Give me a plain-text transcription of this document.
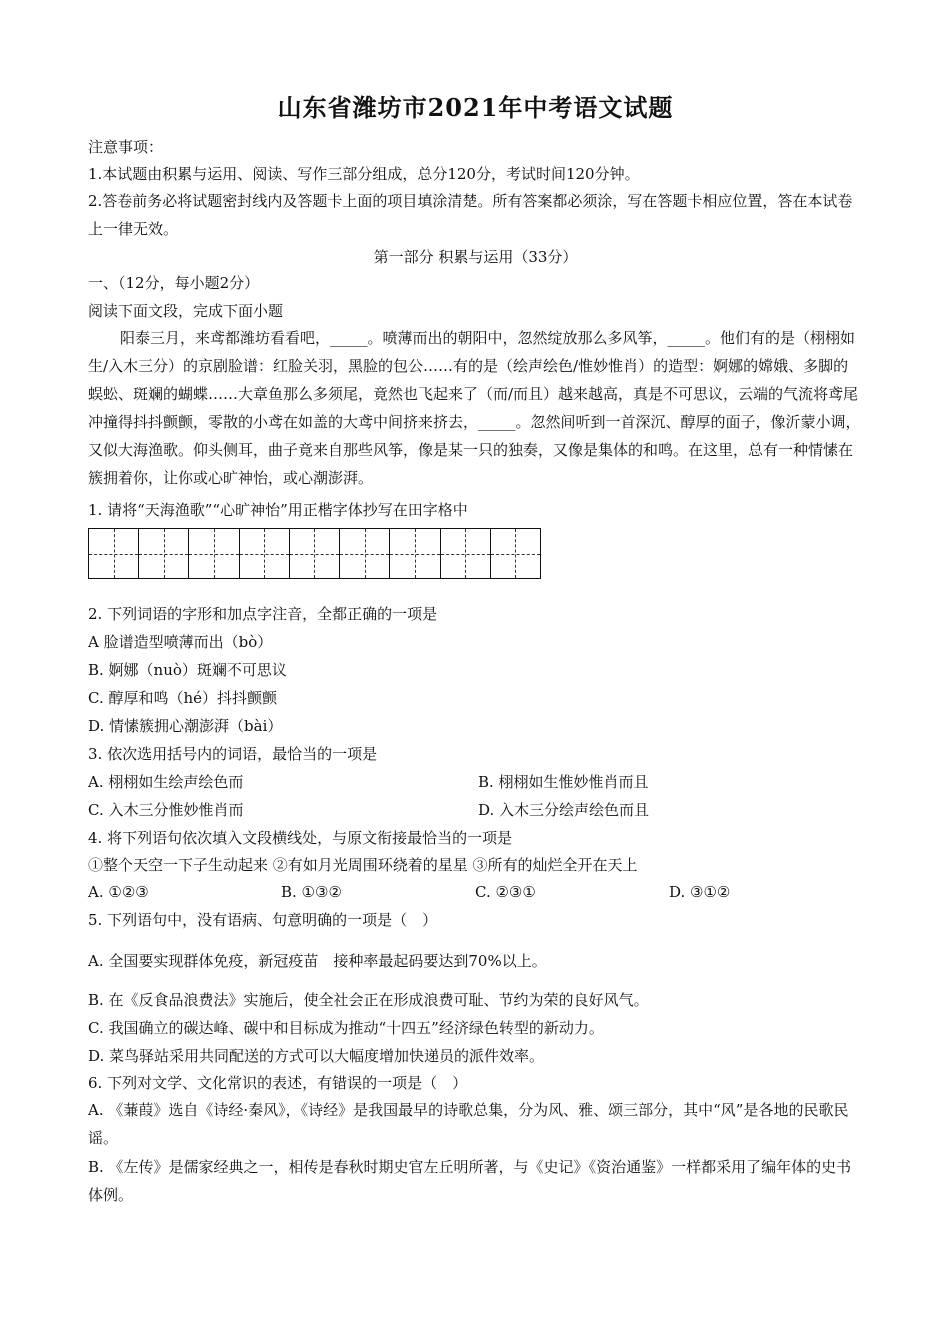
山东省潍坊市2021年中考语文试题
注意事项：
1.本试题由积累与运用、阅读、写作三部分组成，总分120分，考试时间120分钟。
2.答卷前务必将试题密封线内及答题卡上面的项目填涂清楚。所有答案都必须涂，写在答题卡相应位置，答在本试卷上一律无效。
第一部分 积累与运用（33分）
一、（12分，每小题2分）
阅读下面文段，完成下面小题
阳泰三月，来鸢都潍坊看看吧，_____。喷薄而出的朝阳中，忽然绽放那么多风筝，_____。他们有的是（栩栩如生/入木三分）的京剧脸谱：红脸关羽，黑脸的包公……有的是（绘声绘色/惟妙惟肖）的造型：婀娜的嫦娥、多脚的蜈蚣、斑斓的蝴蝶……大章鱼那么多须尾，竟然也飞起来了（而/而且）越来越高，真是不可思议，云端的气流将鸢尾冲撞得抖抖颤颤，零散的小鸢在如盖的大鸢中间挤来挤去，_____。忽然间听到一首深沉、醇厚的面子，像沂蒙小调，又似大海渔歌。仰头侧耳，曲子竟来自那些风筝，像是某一只的独奏，又像是集体的和鸣。在这里，总有一种情愫在簇拥着你，让你或心旷神怡，或心潮澎湃。
1. 请将“天海渔歌”“心旷神怡”用正楷字体抄写在田字格中
2. 下列词语的字形和加点字注音，全都正确的一项是
A 脸谱造型喷薄而出（bò）
B. 婀娜（nuò）斑斓不可思议
C. 醇厚和鸣（hé）抖抖颤颤
D. 情愫簇拥心潮澎湃（bài）
3. 依次选用括号内的词语，最恰当的一项是
A. 栩栩如生绘声绘色而	B. 栩栩如生惟妙惟肖而且
C. 入木三分惟妙惟肖而	D. 入木三分绘声绘色而且
4. 将下列语句依次填入文段横线处，与原文衔接最恰当的一项是
①整个天空一下子生动起来 ②有如月光周围环绕着的星星 ③所有的灿烂全开在天上
A. ①②③	B. ①③②	C. ②③①	D. ③①②
5. 下列语句中，没有语病、句意明确的一项是（　）
A. 全国要实现群体免疫，新冠疫苗　接种率最起码要达到70%以上。
B. 在《反食品浪费法》实施后，使全社会正在形成浪费可耻、节约为荣的良好风气。
C. 我国确立的碳达峰、碳中和目标成为推动“十四五”经济绿色转型的新动力。
D. 菜鸟驿站采用共同配送的方式可以大幅度增加快递员的派件效率。
6. 下列对文学、文化常识的表述，有错误的一项是（　）
A. 《蒹葭》选自《诗经·秦风》，《诗经》是我国最早的诗歌总集，分为风、雅、颂三部分，其中“风”是各地的民歌民谣。
B. 《左传》是儒家经典之一，相传是春秋时期史官左丘明所著，与《史记》《资治通鉴》一样都采用了编年体的史书体例。
